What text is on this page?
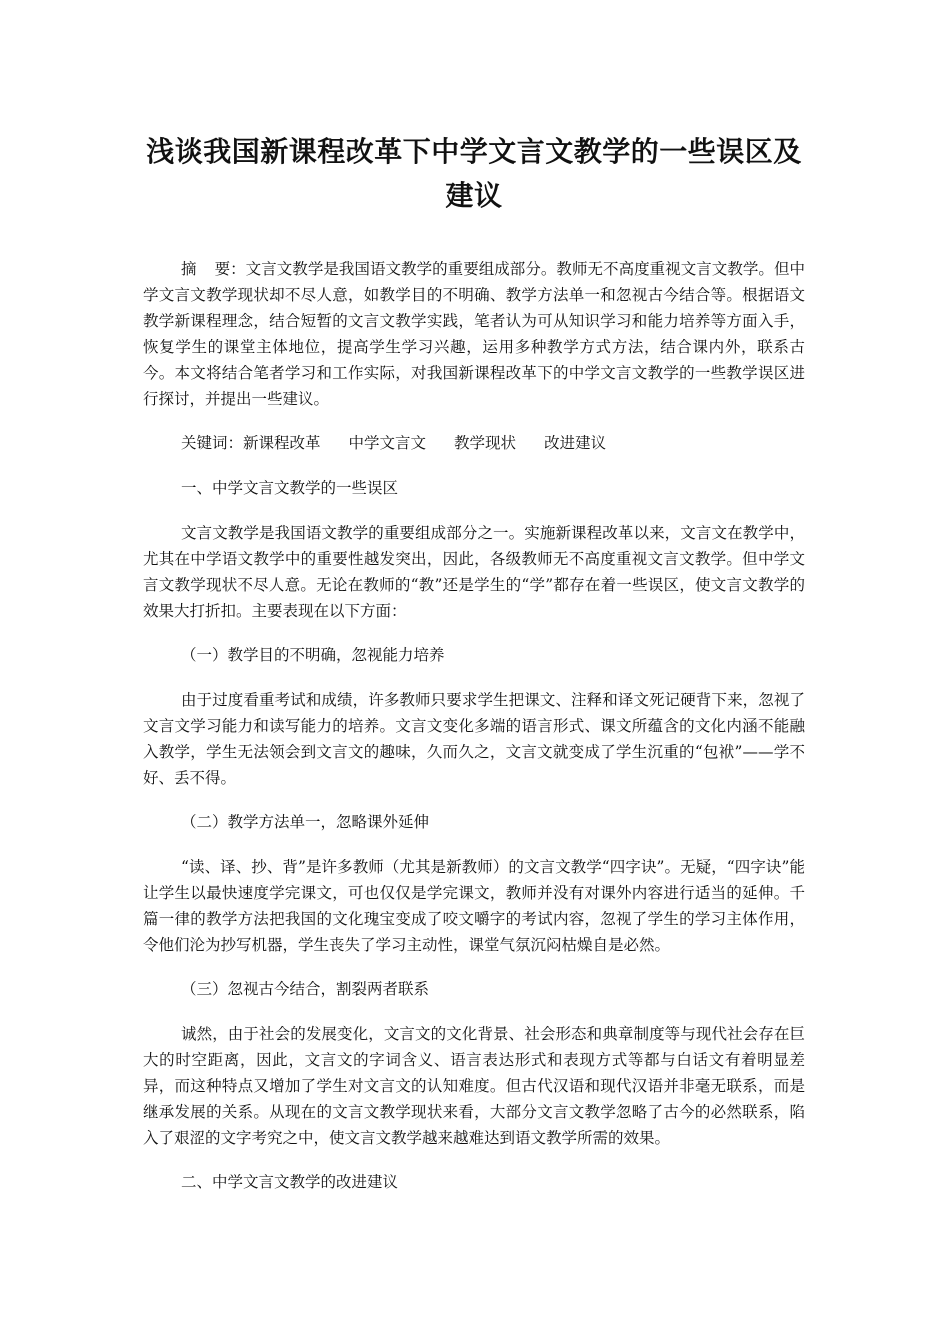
浅谈我国新课程改革下中学文言文教学的一些误区及
建议

摘 要：文言文教学是我国语文教学的重要组成部分。教师无不高度重视文言文教学。但中学文言文教学现状却不尽人意，如教学目的不明确、教学方法单一和忽视古今结合等。根据语文教学新课程理念，结合短暂的文言文教学实践，笔者认为可从知识学习和能力培养等方面入手，恢复学生的课堂主体地位，提高学生学习兴趣，运用多种教学方式方法，结合课内外，联系古今。本文将结合笔者学习和工作实际，对我国新课程改革下的中学文言文教学的一些教学误区进行探讨，并提出一些建议。

关键词：新课程改革 中学文言文 教学现状 改进建议

一、中学文言文教学的一些误区

文言文教学是我国语文教学的重要组成部分之一。实施新课程改革以来，文言文在教学中，尤其在中学语文教学中的重要性越发突出，因此，各级教师无不高度重视文言文教学。但中学文言文教学现状不尽人意。无论在教师的“教”还是学生的“学”都存在着一些误区，使文言文教学的效果大打折扣。主要表现在以下方面：

（一）教学目的不明确，忽视能力培养

由于过度看重考试和成绩，许多教师只要求学生把课文、注释和译文死记硬背下来，忽视了文言文学习能力和读写能力的培养。文言文变化多端的语言形式、课文所蕴含的文化内涵不能融入教学，学生无法领会到文言文的趣味，久而久之，文言文就变成了学生沉重的“包袱”——学不好、丢不得。

（二）教学方法单一，忽略课外延伸

“读、译、抄、背”是许多教师（尤其是新教师）的文言文教学“四字诀”。无疑，“四字诀”能让学生以最快速度学完课文，可也仅仅是学完课文，教师并没有对课外内容进行适当的延伸。千篇一律的教学方法把我国的文化瑰宝变成了咬文嚼字的考试内容，忽视了学生的学习主体作用，令他们沦为抄写机器，学生丧失了学习主动性，课堂气氛沉闷枯燥自是必然。

（三）忽视古今结合，割裂两者联系

诚然，由于社会的发展变化，文言文的文化背景、社会形态和典章制度等与现代社会存在巨大的时空距离，因此，文言文的字词含义、语言表达形式和表现方式等都与白话文有着明显差异，而这种特点又增加了学生对文言文的认知难度。但古代汉语和现代汉语并非毫无联系，而是继承发展的关系。从现在的文言文教学现状来看，大部分文言文教学忽略了古今的必然联系，陷入了艰涩的文字考究之中，使文言文教学越来越难达到语文教学所需的效果。

二、中学文言文教学的改进建议
